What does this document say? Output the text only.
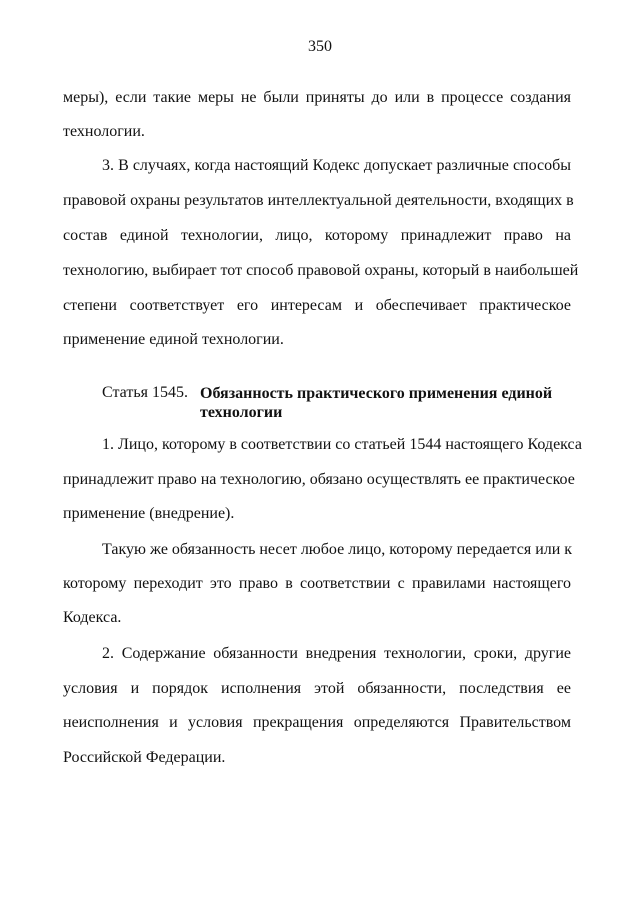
350
меры), если такие меры не были приняты до или в процессе создания
технологии.
3. В случаях, когда настоящий Кодекс допускает различные способы
правовой охраны результатов интеллектуальной деятельности, входящих в
состав единой технологии, лицо, которому принадлежит право на
технологию, выбирает тот способ правовой охраны, который в наибольшей
степени соответствует его интересам и обеспечивает практическое
применение единой технологии.
Статья 1545. Обязанность практического применения единой технологии
1. Лицо, которому в соответствии со статьей 1544 настоящего Кодекса
принадлежит право на технологию, обязано осуществлять ее практическое
применение (внедрение).
Такую же обязанность несет любое лицо, которому передается или к
которому переходит это право в соответствии с правилами настоящего
Кодекса.
2. Содержание обязанности внедрения технологии, сроки, другие
условия и порядок исполнения этой обязанности, последствия ее
неисполнения и условия прекращения определяются Правительством
Российской Федерации.
